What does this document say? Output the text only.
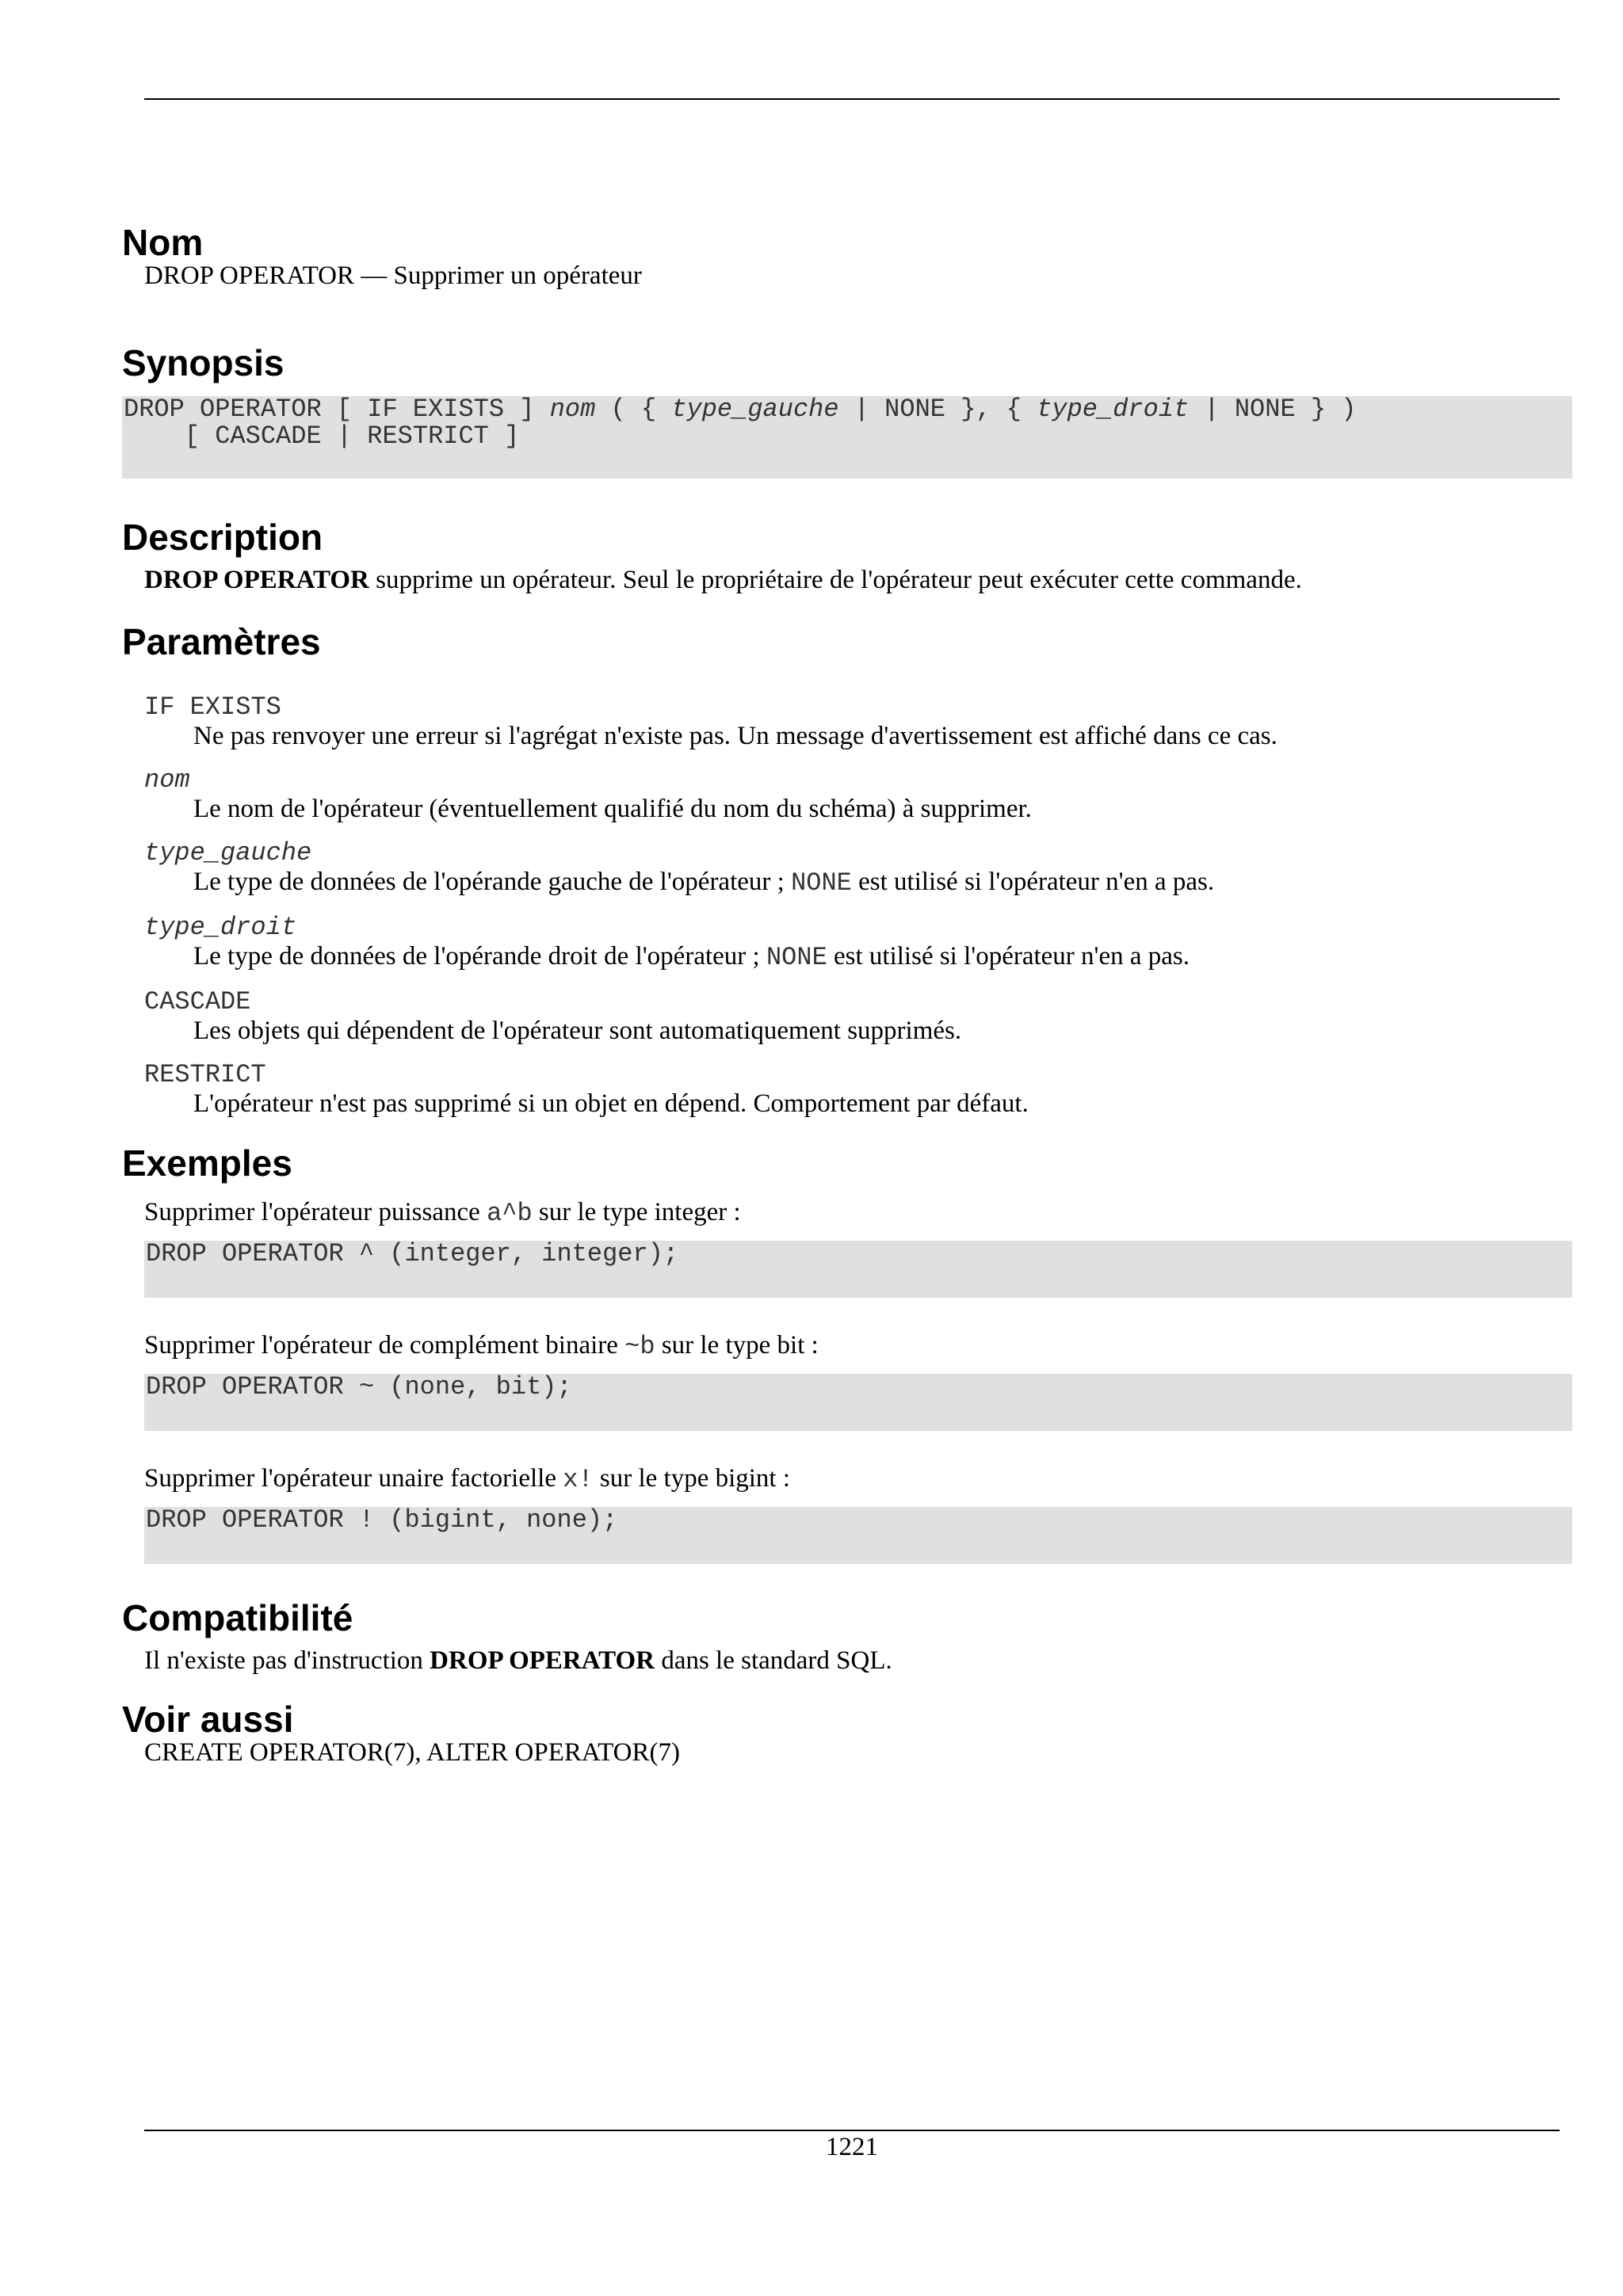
Nom

DROP OPERATOR — Supprimer un opérateur

Synopsis
DROP OPERATOR [ IF EXISTS ] nom ( { type_gauche | NONE }, { type_droit | NONE } )
[ CASCADE | RESTRICT ]
Description

DROP OPERATOR supprime un opérateur. Seul le propriétaire de l'opérateur peut exécuter cette commande.

Paramètres
IF EXISTS
Ne pas renvoyer une erreur si l'agrégat n'existe pas. Un message d'avertissement est affiché dans ce cas.
nom
Le nom de l'opérateur (éventuellement qualifié du nom du schéma) à supprimer.
type_gauche
Le type de données de l'opérande gauche de l'opérateur ; NONE est utilisé si l'opérateur n'en a pas.
type_droit
Le type de données de l'opérande droit de l'opérateur ; NONE est utilisé si l'opérateur n'en a pas.
CASCADE
Les objets qui dépendent de l'opérateur sont automatiquement supprimés.
RESTRICT
L'opérateur n'est pas supprimé si un objet en dépend. Comportement par défaut.
Exemples

Supprimer l'opérateur puissance a^b sur le type integer :

DROP OPERATOR ^ (integer, integer);

Supprimer l'opérateur de complément binaire ~b sur le type bit :

DROP OPERATOR ~ (none, bit);

Supprimer l'opérateur unaire factorielle x! sur le type bigint :

DROP OPERATOR ! (bigint, none);
Compatibilité

Il n'existe pas d'instruction DROP OPERATOR dans le standard SQL.

Voir aussi

CREATE OPERATOR(7), ALTER OPERATOR(7)

1221
